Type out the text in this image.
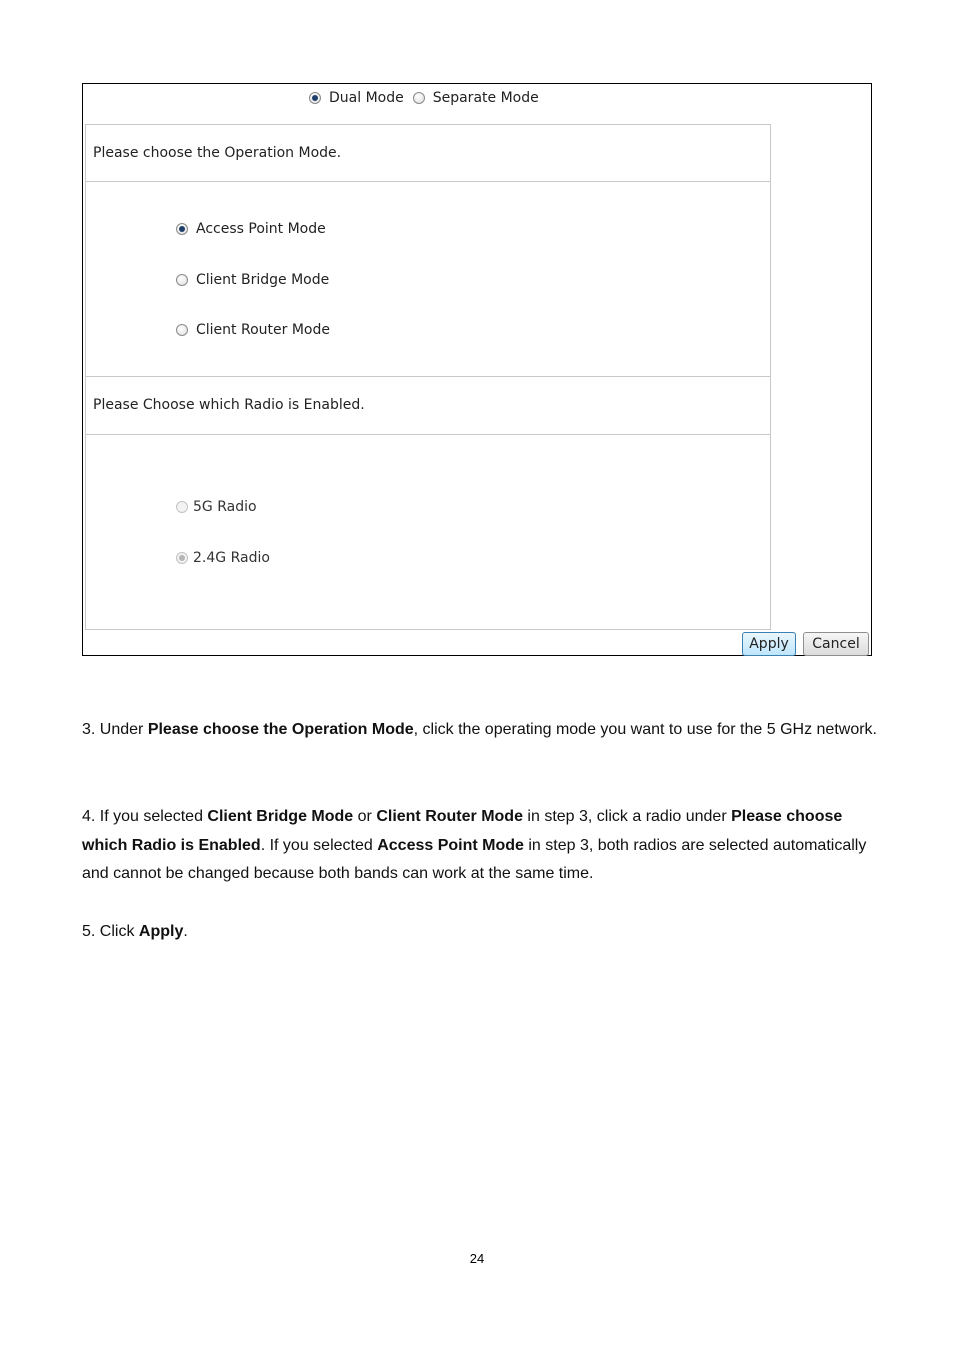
Dual Mode Separate Mode
Please choose the Operation Mode.
Access Point Mode
Client Bridge Mode
Client Router Mode
Please Choose which Radio is Enabled.
5G Radio
2.4G Radio
Apply	Cancel

3. Under Please choose the Operation Mode, click the operating mode you want to use for the 5 GHz network.

4. If you selected Client Bridge Mode or Client Router Mode in step 3, click a radio under Please choose which Radio is Enabled. If you selected Access Point Mode in step 3, both radios are selected automatically and cannot be changed because both bands can work at the same time.

5. Click Apply.

24
